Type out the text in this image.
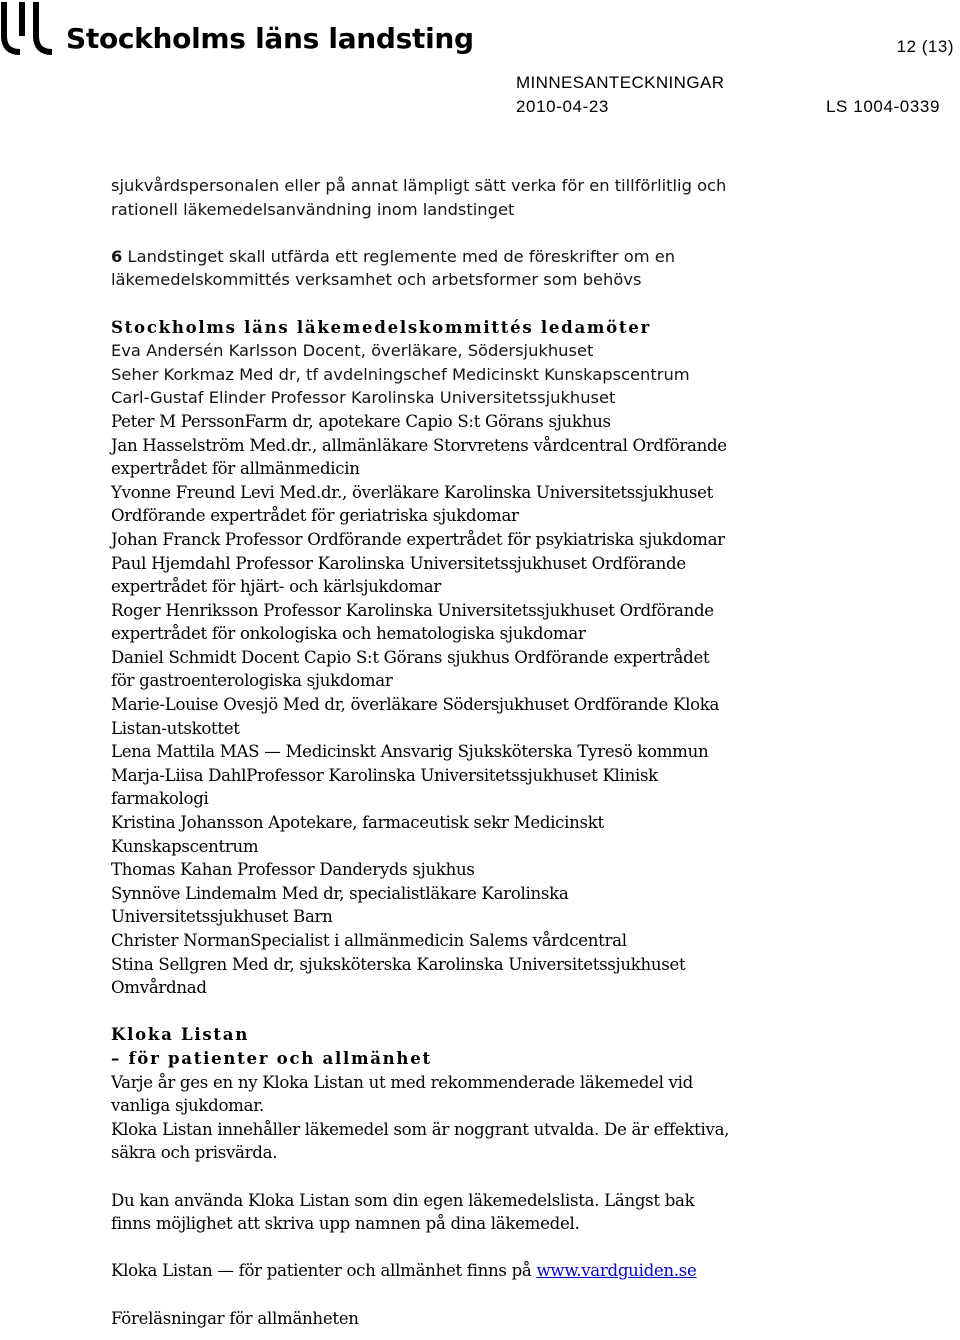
Stockholms läns landsting	12 (13)
MINNESANTECKNINGAR
2010-04-23	LS 1004-0339

sjukvårdspersonalen eller på annat lämpligt sätt verka för en tillförlitlig och

rationell läkemedelsanvändning inom landstinget

6 Landstinget skall utfärda ett reglemente med de föreskrifter om en

läkemedelskommittés verksamhet och arbetsformer som behövs

Stockholms läns läkemedelskommittés ledamöter

Eva Andersén Karlsson Docent, överläkare, Södersjukhuset

Seher Korkmaz Med dr, tf avdelningschef Medicinskt Kunskapscentrum

Carl-Gustaf Elinder Professor Karolinska Universitetssjukhuset

Peter M PerssonFarm dr, apotekare Capio S:t Görans sjukhus

Jan Hasselström Med.dr., allmänläkare Storvretens vårdcentral Ordförande

expertrådet för allmänmedicin

Yvonne Freund Levi Med.dr., överläkare Karolinska Universitetssjukhuset

Ordförande expertrådet för geriatriska sjukdomar

Johan Franck Professor Ordförande expertrådet för psykiatriska sjukdomar

Paul Hjemdahl Professor Karolinska Universitetssjukhuset Ordförande

expertrådet för hjärt- och kärlsjukdomar

Roger Henriksson Professor Karolinska Universitetssjukhuset Ordförande

expertrådet för onkologiska och hematologiska sjukdomar

Daniel Schmidt Docent Capio S:t Görans sjukhus Ordförande expertrådet

för gastroenterologiska sjukdomar

Marie-Louise Ovesjö Med dr, överläkare Södersjukhuset Ordförande Kloka

Listan-utskottet

Lena Mattila MAS — Medicinskt Ansvarig Sjuksköterska Tyresö kommun

Marja-Liisa DahlProfessor Karolinska Universitetssjukhuset Klinisk

farmakologi

Kristina Johansson Apotekare, farmaceutisk sekr Medicinskt

Kunskapscentrum

Thomas Kahan Professor Danderyds sjukhus

Synnöve Lindemalm Med dr, specialistläkare Karolinska

Universitetssjukhuset Barn

Christer NormanSpecialist i allmänmedicin Salems vårdcentral

Stina Sellgren Med dr, sjuksköterska Karolinska Universitetssjukhuset

Omvårdnad

Kloka Listan

– för patienter och allmänhet

Varje år ges en ny Kloka Listan ut med rekommenderade läkemedel vid

vanliga sjukdomar.

Kloka Listan innehåller läkemedel som är noggrant utvalda. De är effektiva,

säkra och prisvärda.

Du kan använda Kloka Listan som din egen läkemedelslista. Längst bak

finns möjlighet att skriva upp namnen på dina läkemedel.

Kloka Listan — för patienter och allmänhet finns på www.vardguiden.se

Föreläsningar för allmänheten
